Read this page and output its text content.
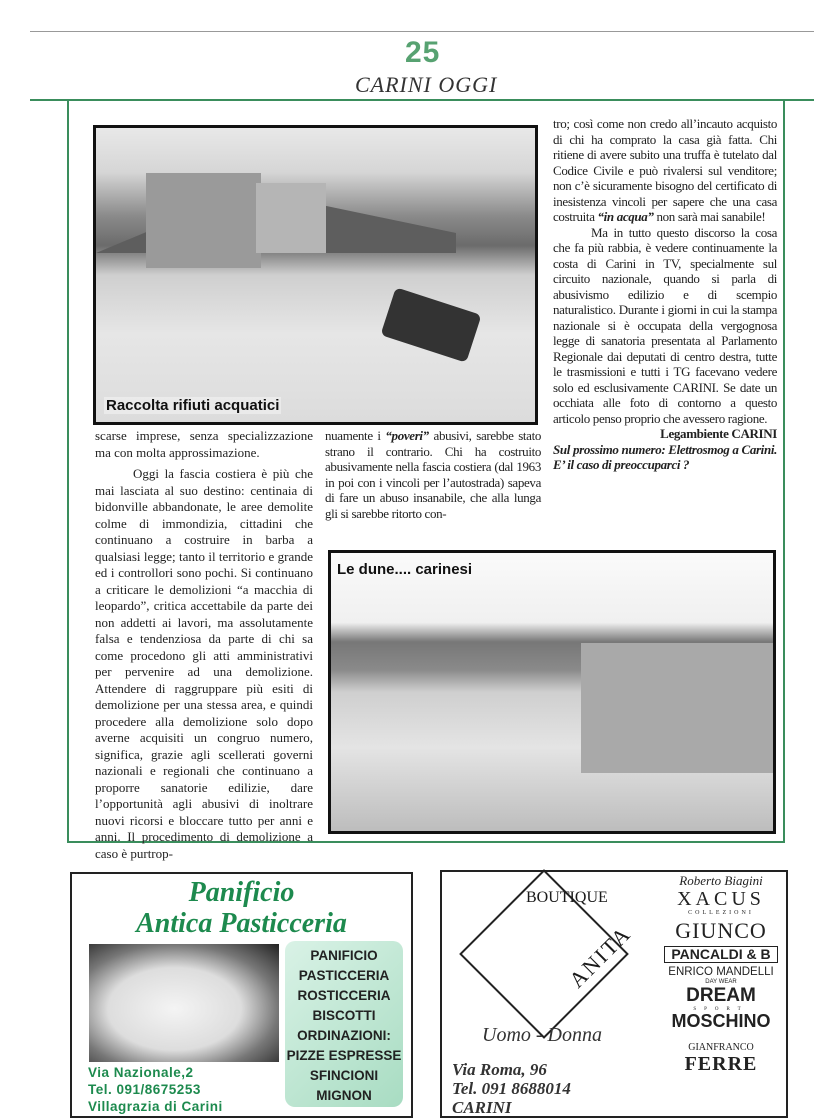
CARINI OGGI
25
Raccolta rifiuti acquatici

scarse imprese, senza specializzazione ma con molta approssimazione.

Oggi la fascia costiera è più che mai lasciata al suo destino: centinaia di bidonville abbandonate, le aree demolite colme di immondizia, cittadini che continuano a costruire in barba a qualsiasi legge; tanto il territorio e grande ed i controllori sono pochi. Si continuano a criticare le demolizioni “a macchia di leopardo”, critica accettabile da parte dei non addetti ai lavori, ma assolutamente falsa e tendenziosa da parte di chi sa come procedono gli atti amministrativi per pervenire ad una demolizione. Attendere di raggruppare più esiti di demolizione per una stessa area, e quindi procedere alla demolizione solo dopo averne acquisiti un congruo numero, significa, grazie agli scellerati governi nazionali e regionali che continuano a proporre sanatorie edilizie, dare l’opportunità agli abusivi di inoltrare nuovi ricorsi e bloccare tutto per anni e anni. Il procedimento di demolizione a caso è purtrop-

nuamente i “poveri” abusivi, sarebbe stato strano il contrario. Chi ha costruito abusivamente nella fascia costiera (dal 1963 in poi con i vincoli per l’autostrada) sapeva di fare un abuso insanabile, che alla lunga gli si sarebbe ritorto con-

tro; così come non credo all’incauto acquisto di chi ha comprato la casa già fatta. Chi ritiene di avere subito una truffa è tutelato dal Codice Civile e può rivalersi sul venditore; non c’è sicuramente bisogno del certificato di inesistenza vincoli per sapere che una casa costruita “in acqua” non sarà mai sanabile!

Ma in tutto questo discorso la cosa che fa più rabbia, è vedere continuamente la costa di Carini in TV, specialmente sul circuito nazionale, quando si parla di abusivismo edilizio e di scempio naturalistico. Durante i giorni in cui la stampa nazionale si è occupata della vergognosa legge di sanatoria presentata al Parlamento Regionale dai deputati di centro destra, tutte le trasmissioni e tutti i TG facevano vedere solo ed esclusivamente CARINI. Se date un occhiata alle foto di contorno a questo articolo penso proprio che avessero ragione.

Legambiente CARINI

Sul prossimo numero: Elettrosmog a Carini. E’ il caso di preoccuparci ?

Le dune.... carinesi
Panificio
Antica Pasticceria
PANIFICIO
PASTICCERIA
ROSTICCERIA
BISCOTTI
ORDINAZIONI:
PIZZE ESPRESSE
SFINCIONI
MIGNON
Via Nazionale,2
Tel. 091/8675253
Villagrazia di Carini
BOUTIQUE
ANITA
Uomo - Donna
Via Roma, 96
Tel. 091 8688014
CARINI
Roberto Biagini
XACUS
COLLEZIONI
GIUNCO
PANCALDI & B
ENRICO MANDELLI
DAY WEAR
DREAM
SPORT
MOSCHINO
GIANFRANCO
FERRE
